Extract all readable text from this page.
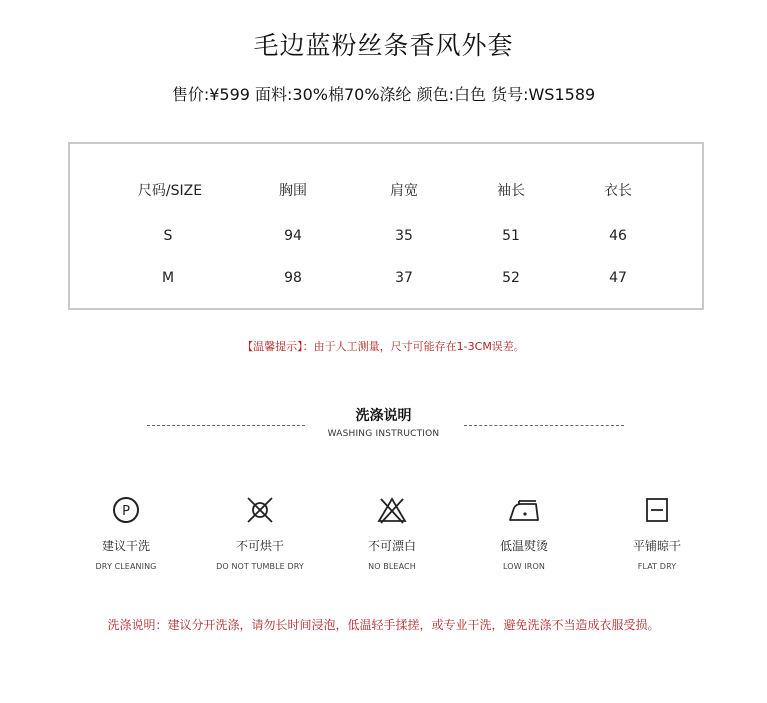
毛边蓝粉丝条香风外套
售价:¥599 面料:30%棉70%涤纶 颜色:白色 货号:WS1589
尺码/SIZE	胸围	肩宽	袖长	衣长
S	94	35	51	46
M	98	37	52	47
【温馨提示】：由于人工测量，尺寸可能存在1-3CM误差。
洗涤说明
WASHING INSTRUCTION
P
建议干洗
DRY CLEANING
不可烘干
DO NOT TUMBLE DRY
不可漂白
NO BLEACH
低温熨烫
LOW IRON
平铺晾干
FLAT DRY
洗涤说明：建议分开洗涤，请勿长时间浸泡，低温轻手揉搓，或专业干洗，避免洗涤不当造成衣服受损。
